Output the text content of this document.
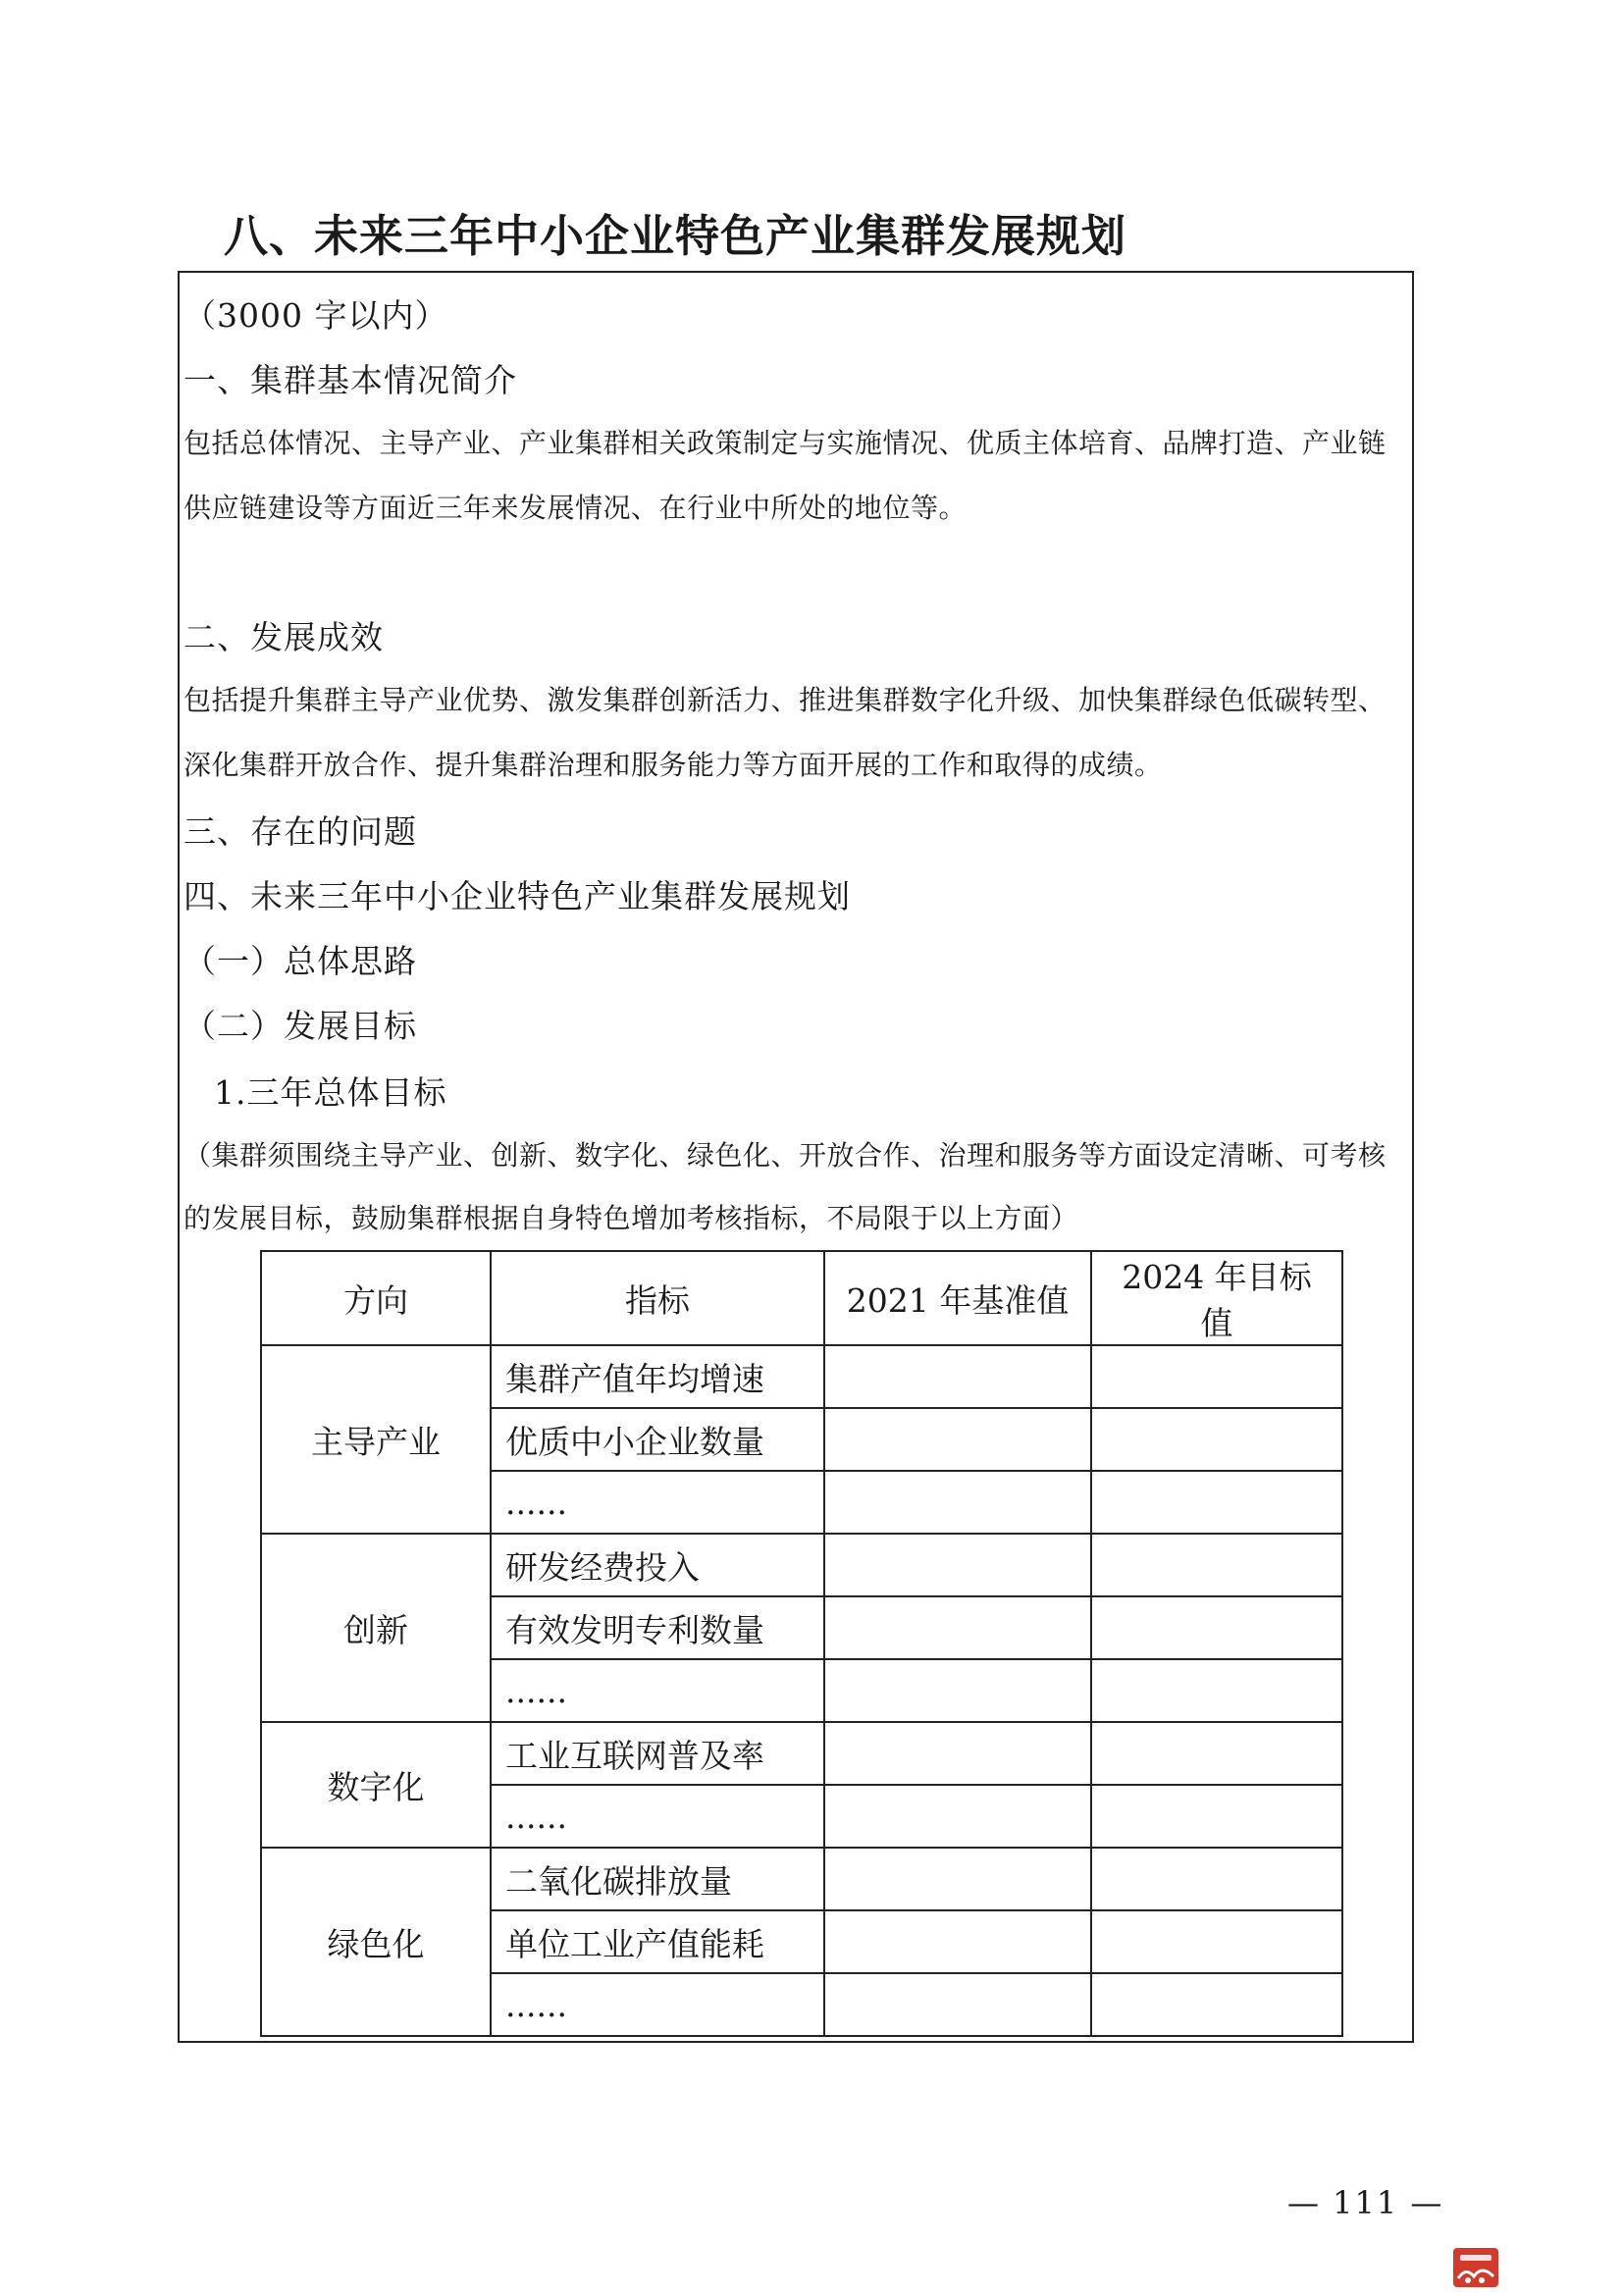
八、未来三年中小企业特色产业集群发展规划
（3000 字以内）
一、集群基本情况简介
包括总体情况、主导产业、产业集群相关政策制定与实施情况、优质主体培育、品牌打造、产业链
供应链建设等方面近三年来发展情况、在行业中所处的地位等。
二、发展成效
包括提升集群主导产业优势、激发集群创新活力、推进集群数字化升级、加快集群绿色低碳转型、
深化集群开放合作、提升集群治理和服务能力等方面开展的工作和取得的成绩。
三、存在的问题
四、未来三年中小企业特色产业集群发展规划
（一）总体思路
（二）发展目标
1.三年总体目标
（集群须围绕主导产业、创新、数字化、绿色化、开放合作、治理和服务等方面设定清晰、可考核
的发展目标，鼓励集群根据自身特色增加考核指标，不局限于以上方面）
方向	指标	2021 年基准值	2024 年目标值
主导产业	集群产值年均增速		
	优质中小企业数量		
	......		
创新	研发经费投入		
	有效发明专利数量		
	......		
数字化	工业互联网普及率		
	......		
绿色化	二氧化碳排放量		
	单位工业产值能耗		
	......		
— 111 —
